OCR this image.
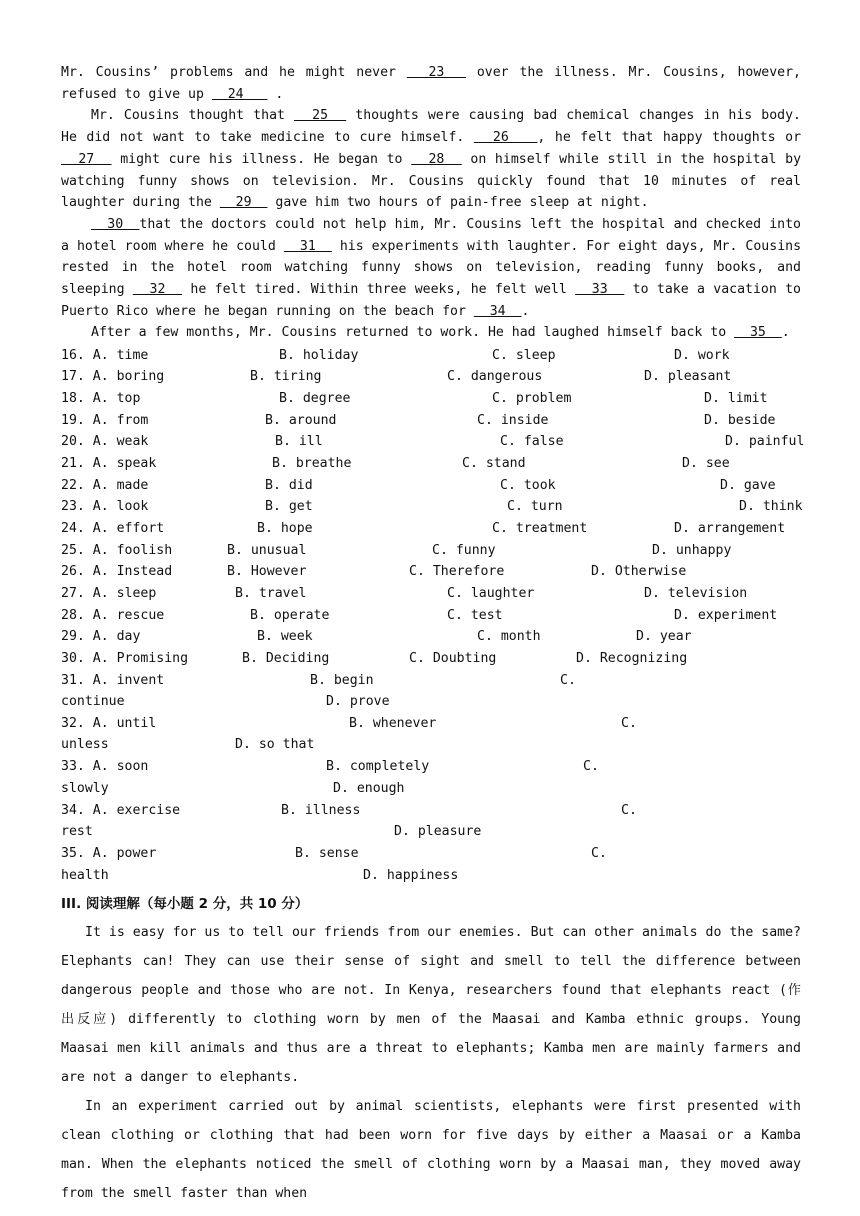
Mr. Cousins’ problems and he might never   23   over the illness. Mr. Cousins, however, refused to give up   24    .

Mr. Cousins thought that   25   thoughts were causing bad chemical changes in his body. He did not want to take medicine to cure himself.   26   , he felt that happy thoughts or   27   might cure his illness. He began to   28   on himself while still in the hospital by watching funny shows on television. Mr. Cousins quickly found that 10 minutes of real laughter during the   29   gave him two hours of pain-free sleep at night.

30  that the doctors could not help him, Mr. Cousins left the hospital and checked into a hotel room where he could   31   his experiments with laughter. For eight days, Mr. Cousins rested in the hotel room watching funny shows on television, reading funny books, and sleeping   32   he felt tired. Within three weeks, he felt well   33   to take a vacation to Puerto Rico where he began running on the beach for   34  .

After a few months, Mr. Cousins returned to work. He had laughed himself back to   35  .

16. A. time	B. holiday	C. sleep	D. work
17. A. boring	B. tiring	C. dangerous	D. pleasant
18. A. top	B. degree	C. problem	D. limit
19. A. from	B. around	C. inside	D. beside
20. A. weak	B. ill	C. false	D. painful
21. A. speak	B. breathe	C. stand	D. see
22. A. made	B. did	C. took	D. gave
23. A. look	B. get	C. turn	D. think
24. A. effort	B. hope	C. treatment	D. arrangement
25. A. foolish	B. unusual	C. funny	D. unhappy
26. A. Instead	B. However	C. Therefore	D. Otherwise
27. A. sleep	B. travel	C. laughter	D. television
28. A. rescue	B. operate	C. test	D. experiment
29. A. day	B. week	C. month	D. year
30. A. Promising	B. Deciding	C. Doubting	D. Recognizing
31. A. invent	B. begin	C.
continue	D. prove
32. A. until	B. whenever	C.
unless	D. so that
33. A. soon	B. completely	C.
slowly	D. enough
34. A. exercise	B. illness	C.
rest	D. pleasure
35. A. power	B. sense	C.
health	D. happiness
III. 阅读理解（每小题 2 分，共 10 分）

It is easy for us to tell our friends from our enemies. But can other animals do the same? Elephants can! They can use their sense of sight and smell to tell the difference between dangerous people and those who are not. In Kenya, researchers found that elephants react (作出反应) differently to clothing worn by men of the Maasai and Kamba ethnic groups. Young Maasai men kill animals and thus are a threat to elephants; Kamba men are mainly farmers and are not a danger to elephants.

In an experiment carried out by animal scientists, elephants were first presented with clean clothing or clothing that had been worn for five days by either a Maasai or a Kamba man. When the elephants noticed the smell of clothing worn by a Maasai man, they moved away from the smell faster than when
